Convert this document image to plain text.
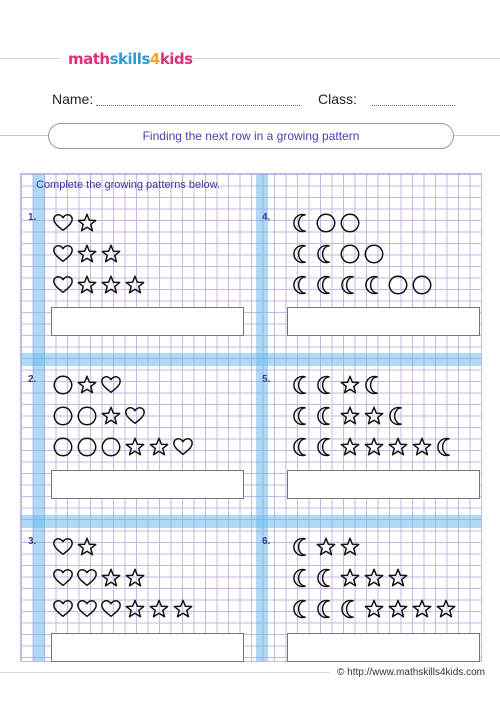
mathskills4kids
Name:	Class:
Finding the next row in a growing pattern
Complete the growing patterns below.
1.	4.
2.	5.
3.	6.
© http://www.mathskills4kids.com
